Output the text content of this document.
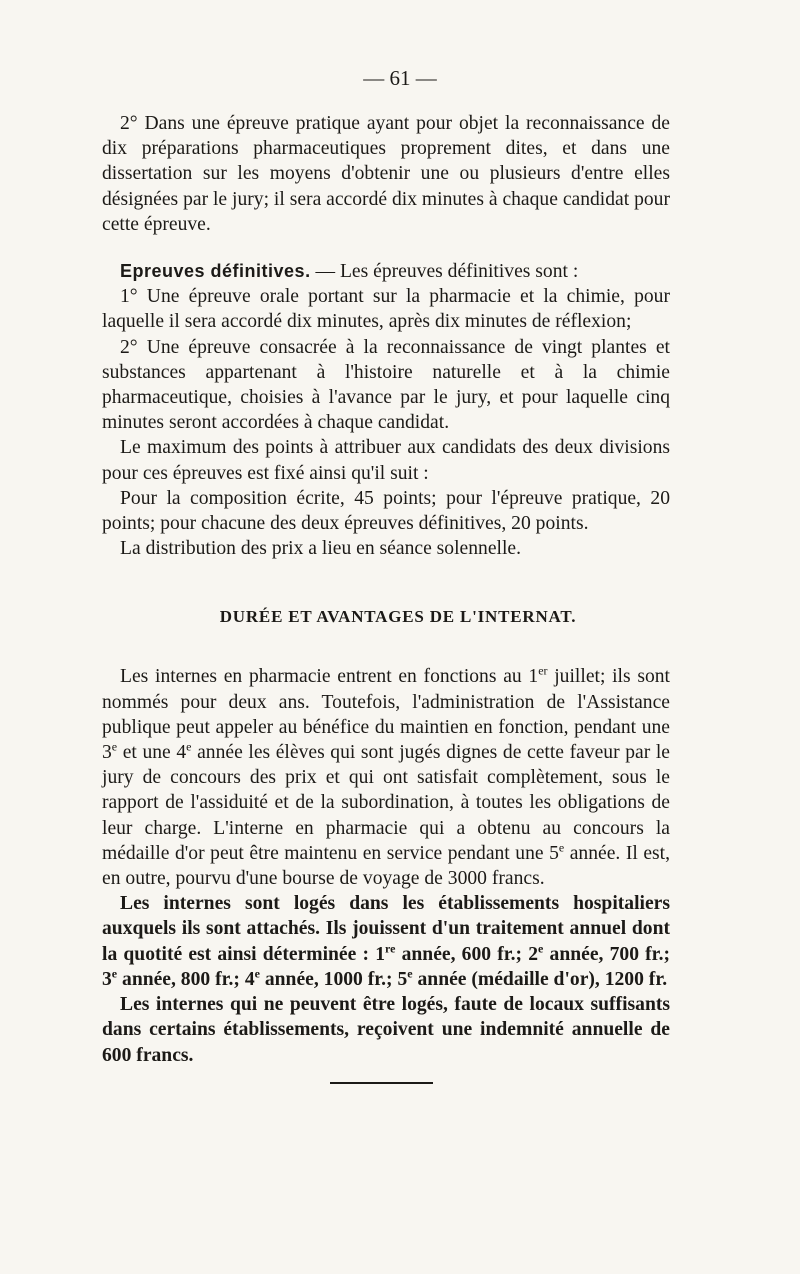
— 61 —

2° Dans une épreuve pratique ayant pour objet la reconnaissance de dix préparations pharmaceutiques proprement dites, et dans une dissertation sur les moyens d'obtenir une ou plusieurs d'entre elles désignées par le jury; il sera accordé dix minutes à chaque candidat pour cette épreuve.

Epreuves définitives. — Les épreuves définitives sont :

1° Une épreuve orale portant sur la pharmacie et la chimie, pour laquelle il sera accordé dix minutes, après dix minutes de réflexion;

2° Une épreuve consacrée à la reconnaissance de vingt plantes et substances appartenant à l'histoire naturelle et à la chimie pharmaceutique, choisies à l'avance par le jury, et pour laquelle cinq minutes seront accordées à chaque candidat.

Le maximum des points à attribuer aux candidats des deux divisions pour ces épreuves est fixé ainsi qu'il suit :

Pour la composition écrite, 45 points; pour l'épreuve pratique, 20 points; pour chacune des deux épreuves définitives, 20 points.

La distribution des prix a lieu en séance solennelle.

DURÉE ET AVANTAGES DE L'INTERNAT.

Les internes en pharmacie entrent en fonctions au 1er juillet; ils sont nommés pour deux ans. Toutefois, l'administration de l'Assistance publique peut appeler au bénéfice du maintien en fonction, pendant une 3e et une 4e année les élèves qui sont jugés dignes de cette faveur par le jury de concours des prix et qui ont satisfait complètement, sous le rapport de l'assiduité et de la subordination, à toutes les obligations de leur charge. L'interne en pharmacie qui a obtenu au concours la médaille d'or peut être maintenu en service pendant une 5e année. Il est, en outre, pourvu d'une bourse de voyage de 3000 francs.

Les internes sont logés dans les établissements hospitaliers auxquels ils sont attachés. Ils jouissent d'un traitement annuel dont la quotité est ainsi déterminée : 1re année, 600 fr.; 2e année, 700 fr.; 3e année, 800 fr.; 4e année, 1000 fr.; 5e année (médaille d'or), 1200 fr.

Les internes qui ne peuvent être logés, faute de locaux suffisants dans certains établissements, reçoivent une indemnité annuelle de 600 francs.
